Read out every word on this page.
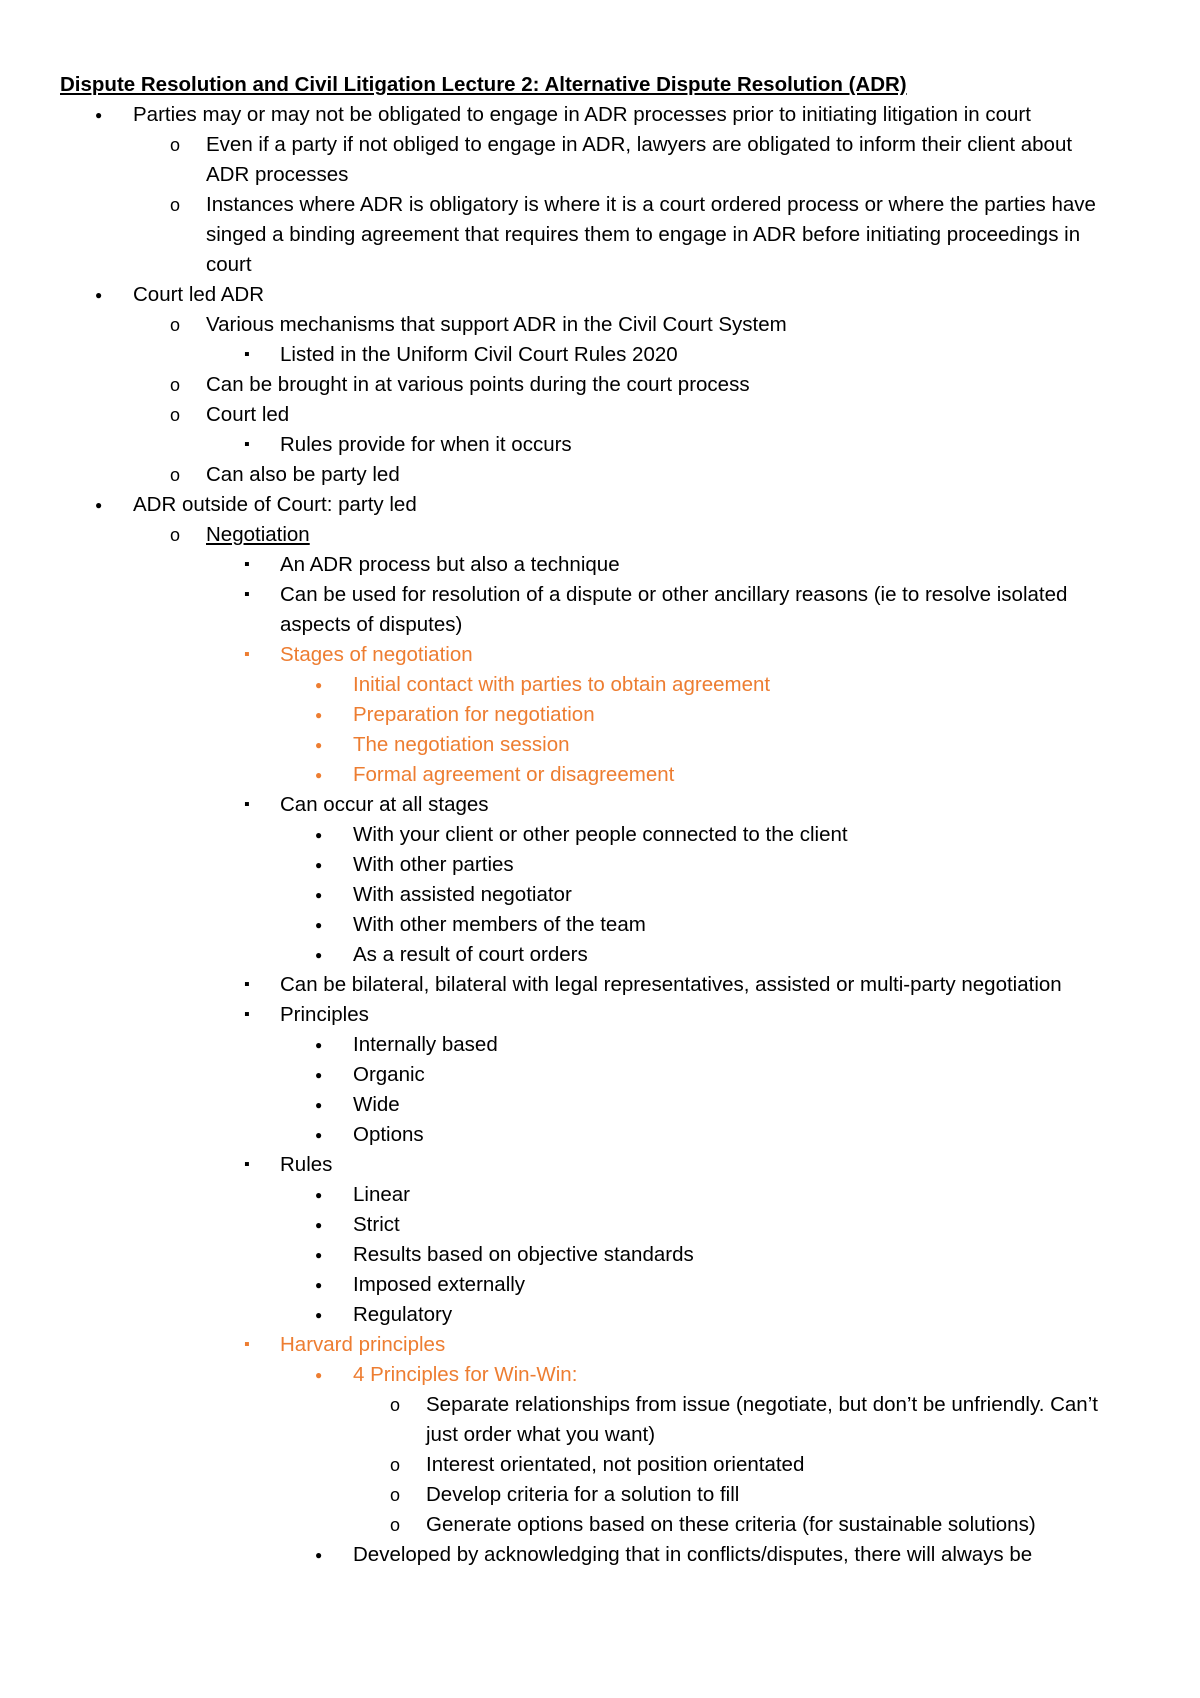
Dispute Resolution and Civil Litigation Lecture 2: Alternative Dispute Resolution (ADR)
●
Parties may or may not be obligated to engage in ADR processes prior to initiating litigation in court
o
Even if a party if not obliged to engage in ADR, lawyers are obligated to inform their client about ADR processes
o
Instances where ADR is obligatory is where it is a court ordered process or where the parties have singed a binding agreement that requires them to engage in ADR before initiating proceedings in court
●
Court led ADR
o
Various mechanisms that support ADR in the Civil Court System
▪
Listed in the Uniform Civil Court Rules 2020
o
Can be brought in at various points during the court process
o
Court led
▪
Rules provide for when it occurs
o
Can also be party led
●
ADR outside of Court: party led
o
Negotiation
▪
An ADR process but also a technique
▪
Can be used for resolution of a dispute or other ancillary reasons (ie to resolve isolated aspects of disputes)
▪
Stages of negotiation
●
Initial contact with parties to obtain agreement
●
Preparation for negotiation
●
The negotiation session
●
Formal agreement or disagreement
▪
Can occur at all stages
●
With your client or other people connected to the client
●
With other parties
●
With assisted negotiator
●
With other members of the team
●
As a result of court orders
▪
Can be bilateral, bilateral with legal representatives, assisted or multi-party negotiation
▪
Principles
●
Internally based
●
Organic
●
Wide
●
Options
▪
Rules
●
Linear
●
Strict
●
Results based on objective standards
●
Imposed externally
●
Regulatory
▪
Harvard principles
●
4 Principles for Win-Win:
o
Separate relationships from issue (negotiate, but don’t be unfriendly. Can’t just order what you want)
o
Interest orientated, not position orientated
o
Develop criteria for a solution to fill
o
Generate options based on these criteria (for sustainable solutions)
●
Developed by acknowledging that in conflicts/disputes, there will always be
